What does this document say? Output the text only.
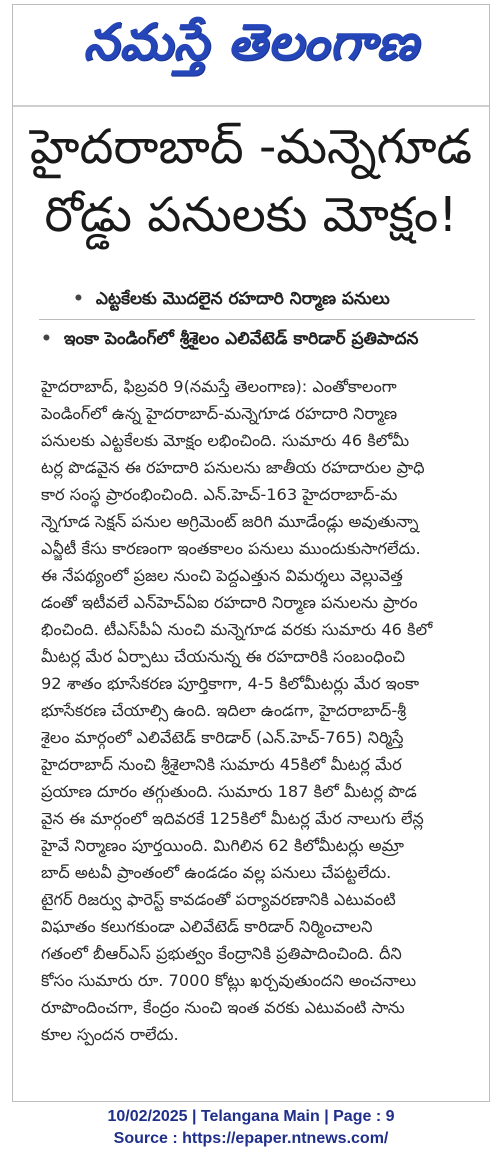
నమస్తే తెలంగాణ
హైదరాబాద్ -మన్నెగూడ
రోడ్డు పనులకు మోక్షం!
• ఎట్టకేలకు మొదలైన రహదారి నిర్మాణ పనులు
• ఇంకా పెండింగ్‌లో శ్రీశైలం ఎలివేటెడ్ కారిడార్ ప్రతిపాదన

హైదరాబాద్, ఫిబ్రవరి 9(నమస్తే తెలంగాణ): ఎంతోకాలంగా

పెండింగ్‌లో ఉన్న హైదరాబాద్-మన్నెగూడ రహదారి నిర్మాణ

పనులకు ఎట్టకేలకు మోక్షం లభించింది. సుమారు 46 కిలోమీ

టర్ల పొడవైన ఈ రహదారి పనులను జాతీయ రహదారుల ప్రాధి

కార సంస్థ ప్రారంభించింది. ఎన్.హెచ్-163 హైదరాబాద్-మ

న్నెగూడ సెక్షన్ పనుల అగ్రిమెంట్ జరిగి మూడేండ్లు అవుతున్నా

ఎన్జీటీ కేసు కారణంగా ఇంతకాలం పనులు ముందుకుసాగలేదు.

ఈ నేపథ్యంలో ప్రజల నుంచి పెద్దఎత్తున విమర్శలు వెల్లువెత్త

డంతో ఇటీవలే ఎన్‌హెచ్‌ఏఐ రహదారి నిర్మాణ పనులను ప్రారం

భించింది. టీఎస్‌పీఏ నుంచి మన్నెగూడ వరకు సుమారు 46 కిలో

మీటర్ల మేర ఏర్పాటు చేయనున్న ఈ రహదారికి సంబంధించి

92 శాతం భూసేకరణ పూర్తికాగా, 4-5 కిలోమీటర్లు మేర ఇంకా

భూసేకరణ చేయాల్సి ఉంది. ఇదిలా ఉండగా, హైదరాబాద్-శ్రీ

శైలం మార్గంలో ఎలివేటెడ్ కారిడార్ (ఎన్.హెచ్-765) నిర్మిస్తే

హైదరాబాద్ నుంచి శ్రీశైలానికి సుమారు 45కిలో మీటర్ల మేర

ప్రయాణ దూరం తగ్గుతుంది. సుమారు 187 కిలో మీటర్ల పొడ

వైన ఈ మార్గంలో ఇదివరకే 125కిలో మీటర్ల మేర నాలుగు లేన్ల

హైవే నిర్మాణం పూర్తయింది. మిగిలిన 62 కిలోమీటర్లు అమ్రా

బాద్ అటవీ ప్రాంతంలో ఉండడం వల్ల పనులు చేపట్టలేదు.

టైగర్ రిజర్వు ఫారెస్ట్ కావడంతో పర్యావరణానికి ఎటువంటి

విఘాతం కలుగకుండా ఎలివేటెడ్ కారిడార్ నిర్మించాలని

గతంలో బీఆర్ఎస్ ప్రభుత్వం కేంద్రానికి ప్రతిపాదించింది. దీని

కోసం సుమారు రూ. 7000 కోట్లు ఖర్చవుతుందని అంచనాలు

రూపొందించగా, కేంద్రం నుంచి ఇంత వరకు ఎటువంటి సాను

కూల స్పందన రాలేదు.

10/02/2025 | Telangana Main | Page : 9
Source : https://epaper.ntnews.com/
